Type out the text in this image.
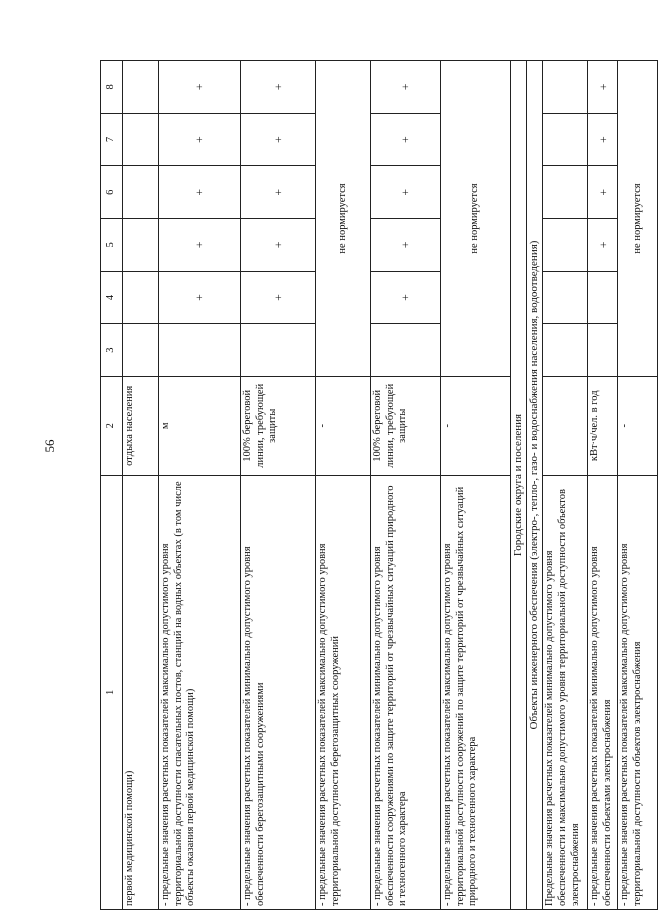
56
1	2	3	4	5	6	7	8
первой медицинской помощи)	отдыха населения						
- предельные значения расчетных показателей максимально допустимого уровня территориальной доступности спасательных постов, станций на водных объектах (в том числе объекты оказания первой медицинской помощи)	м		+	+	+	+	+
- предельные значения расчетных показателей минимально допустимого уровня обеспеченности берегозащитными сооружениями	100% береговой линии, требующей защиты		+	+	+	+	+
- предельные значения расчетных показателей максимально допустимого уровня территориальной доступности берегозащитных сооружений	-	не нормируется					
- предельные значения расчетных показателей минимально допустимого уровня обеспеченности сооружениями по защите территорий от чрезвычайных ситуаций природного и техногенного характера	100% береговой линии, требующей защиты		+	+	+	+	+
- предельные значения расчетных показателей максимально допустимого уровня территориальной доступности сооружений по защите территорий от чрезвычайных ситуаций природного и техногенного характера	-	не нормируется					
Городские округа и поселения							
Объекты инженерного обеспечения (электро-, тепло-, газо- и водоснабжения населения, водоотведения)							
Предельные значения расчетных показателей минимально допустимого уровня обеспеченности и максимально допустимого уровня территориальной доступности объектов электроснабжения							
- предельные значения расчетных показателей минимально допустимого уровня обеспеченности объектами электроснабжения	кВт·ч/чел. в год			+	+	+	+
- предельные значения расчетных показателей максимально допустимого уровня территориальной доступности объектов электроснабжения	-	не нормируется					
